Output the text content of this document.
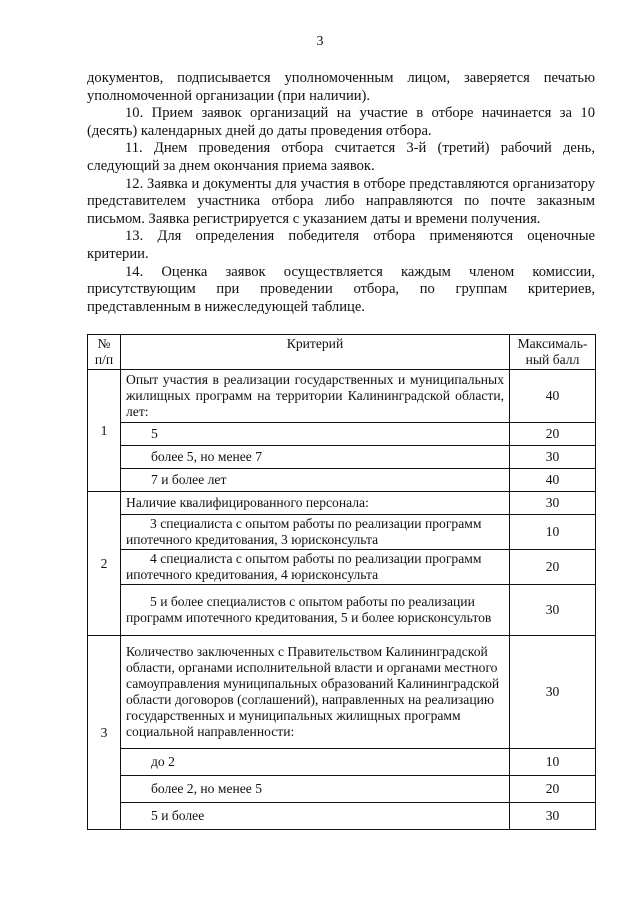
3

документов, подписывается уполномоченным лицом, заверяется печатью уполномоченной организации (при наличии).

10. Прием заявок организаций на участие в отборе начинается за 10 (десять) календарных дней до даты проведения отбора.

11. Днем проведения отбора считается 3-й (третий) рабочий день, следующий за днем окончания приема заявок.

12. Заявка и документы для участия в отборе представляются организатору представителем участника отбора либо направляются по почте заказным письмом. Заявка регистрируется с указанием даты и времени получения.

13. Для определения победителя отбора применяются оценочные критерии.

14. Оценка заявок осуществляется каждым членом комиссии, присутствующим при проведении отбора, по группам критериев, представленным в нижеследующей таблице.

№ п/п	Критерий	Максималь-ный балл
1	Опыт участия в реализации государственных и муниципальных жилищных программ на территории Калининградской области, лет:	40
	5	20
	более 5, но менее 7	30
	7 и более лет	40
2	Наличие квалифицированного персонала:	30
	3 специалиста с опытом работы по реализации программ ипотечного кредитования, 3 юрисконсульта	10
	4 специалиста с опытом работы по реализации программ ипотечного кредитования, 4 юрисконсульта	20
	5 и более специалистов с опытом работы по реализации программ ипотечного кредитования, 5 и более юрисконсультов	30
3	Количество заключенных с Правительством Калининградской области, органами исполнительной власти и органами местного самоуправления муниципальных образований Калининградской области договоров (соглашений), направленных на реализацию государственных и муниципальных жилищных программ социальной направленности:	30
	до 2	10
	более 2, но менее 5	20
	5 и более	30
